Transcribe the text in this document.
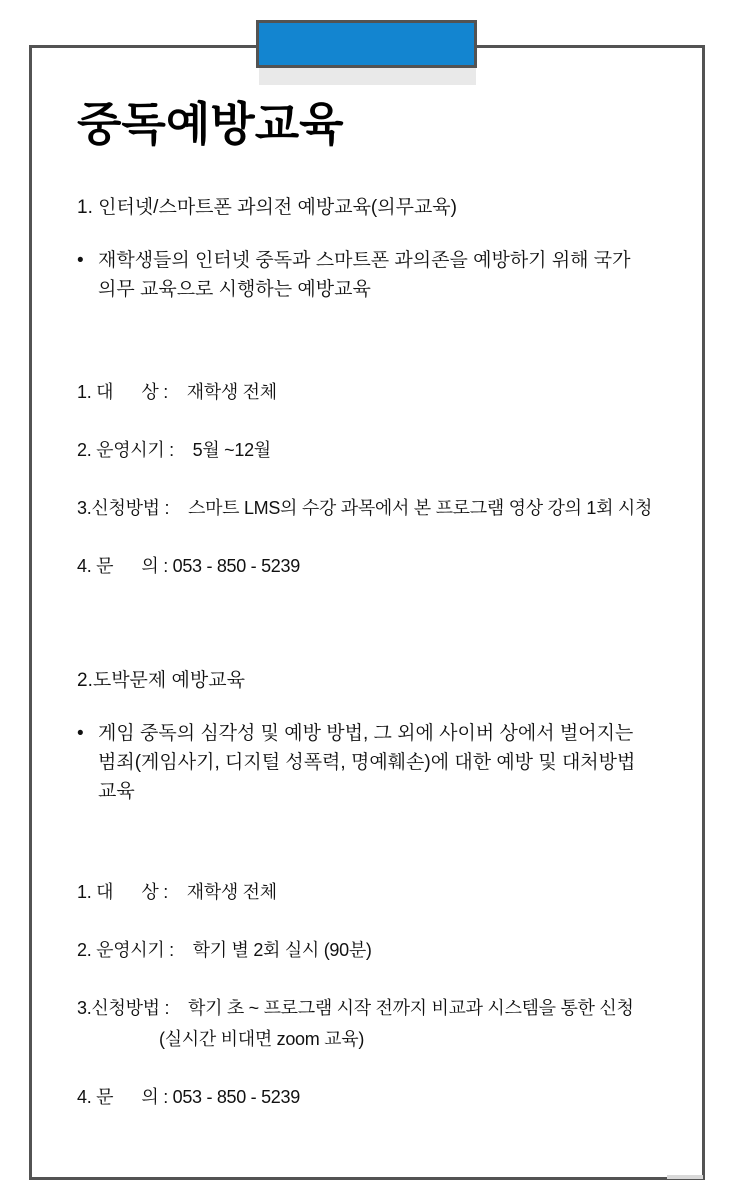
중독예방교육
1. 인터넷/스마트폰 과의전 예방교육(의무교육)
• 재학생들의 인터넷 중독과 스마트폰 과의존을 예방하기 위해 국가
의무 교육으로 시행하는 예방교육
1. 대      상 :    재학생 전체
2. 운영시기 :    5월 ~12월
3.신청방법 :    스마트 LMS의 수강 과목에서 본 프로그램 영상 강의 1회 시청
4. 문      의 : 053 - 850 - 5239
2.도박문제 예방교육
• 게임 중독의 심각성 및 예방 방법, 그 외에 사이버 상에서 벌어지는
범죄(게임사기, 디지털 성폭력, 명예훼손)에 대한 예방 및 대처방법
교육
1. 대      상 :    재학생 전체
2. 운영시기 :    학기 별 2회 실시 (90분)
3.신청방법 :    학기 초 ~ 프로그램 시작 전까지 비교과 시스템을 통한 신청
(실시간 비대면 zoom 교육)
4. 문      의 : 053 - 850 - 5239
